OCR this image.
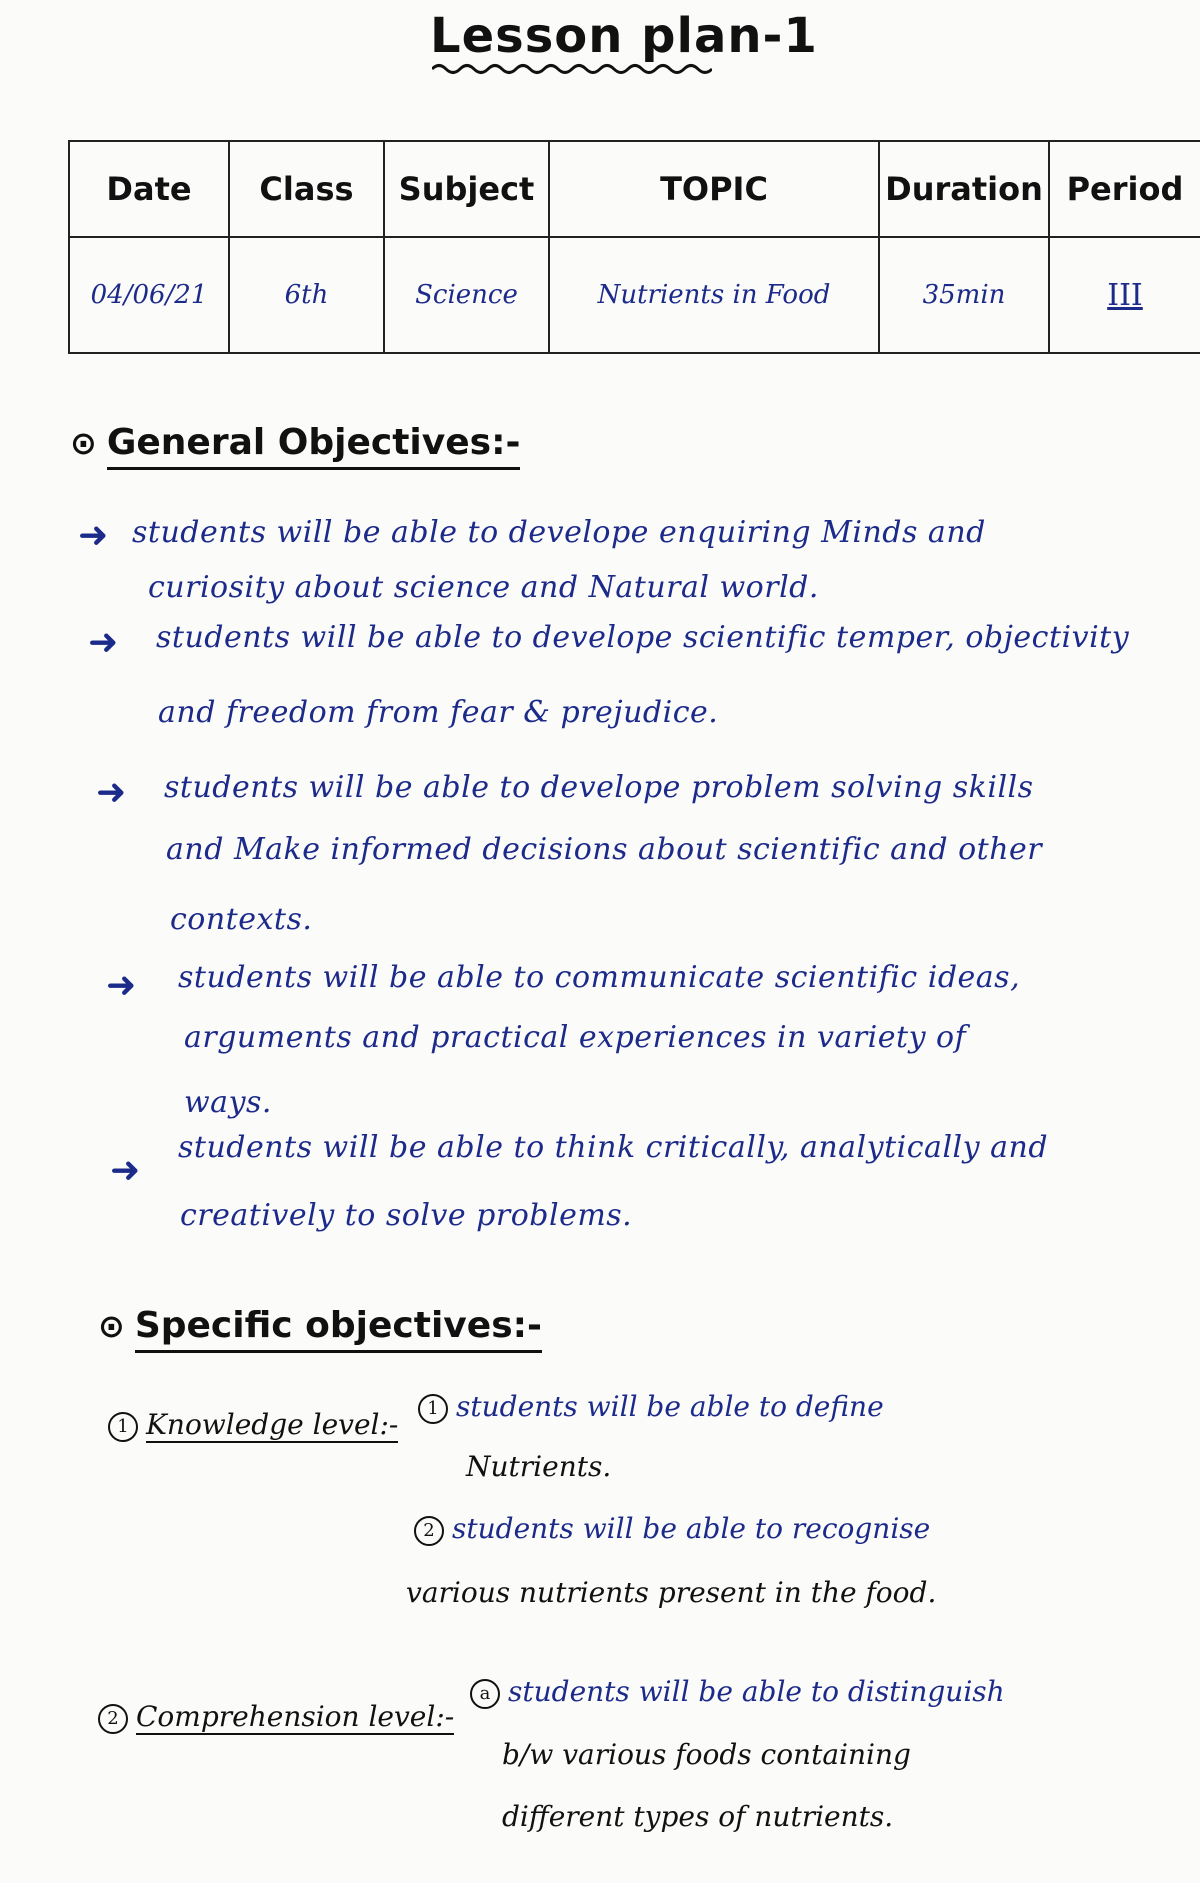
Lesson plan-1
Date	Class	Subject	TOPIC	Duration	Period
04/06/21	6th	Science	Nutrients in Food	35min	III
⊙ General Objectives:-
➜ students will be able to develope enquiring Minds and
curiosity about science and Natural world.
➜ students will be able to develope scientific temper, objectivity
and freedom from fear & prejudice.
➜ students will be able to develope problem solving skills
and Make informed decisions about scientific and other
contexts.
➜ students will be able to communicate scientific ideas,
arguments and practical experiences in variety of
ways.
➜
students will be able to think critically, analytically and
creatively to solve problems.
⊙ Specific objectives:-
1 Knowledge level:-	1 students will be able to define
Nutrients.
2 students will be able to recognise
various nutrients present in the food.
2 Comprehension level:-
a students will be able to distinguish
b/w various foods containing
different types of nutrients.
